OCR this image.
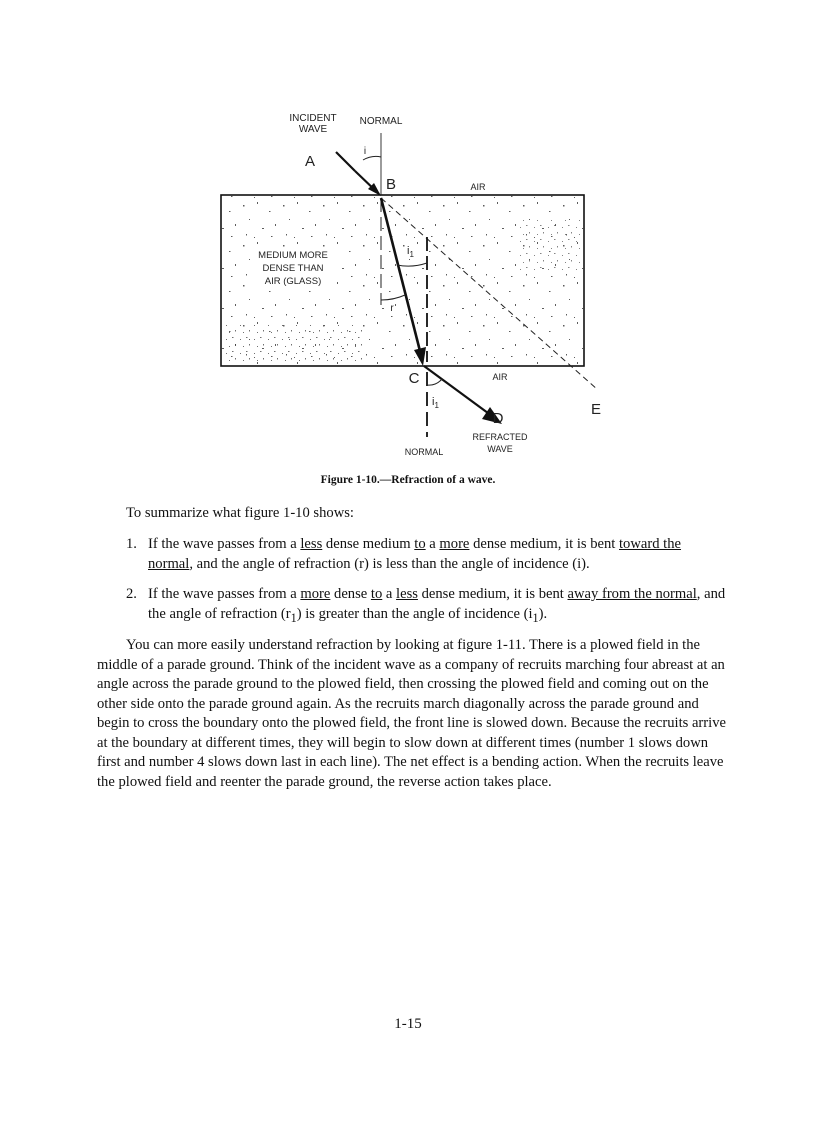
INCIDENT
WAVE
NORMAL
A
i
B	AIR
MEDIUM MORE
DENSE THAN
AIR (GLASS)
$i_1$
r
C	AIR
$i_1$
D
E
REFRACTED
WAVE
NORMAL
Figure 1-10.—Refraction of a wave.
To summarize what figure 1-10 shows:
1. If the wave passes from a less dense medium to a more dense medium, it is bent toward the normal, and the angle of refraction (r) is less than the angle of incidence (i).
2. If the wave passes from a more dense to a less dense medium, it is bent away from the normal, and the angle of refraction $(r_1)$ is greater than the angle of incidence $(i_1)$.
You can more easily understand refraction by looking at figure 1-11. There is a plowed field in the middle of a parade ground. Think of the incident wave as a company of recruits marching four abreast at an angle across the parade ground to the plowed field, then crossing the plowed field and coming out on the other side onto the parade ground again. As the recruits march diagonally across the parade ground and begin to cross the boundary onto the plowed field, the front line is slowed down. Because the recruits arrive at the boundary at different times, they will begin to slow down at different times (number 1 slows down first and number 4 slows down last in each line). The net effect is a bending action. When the recruits leave the plowed field and reenter the parade ground, the reverse action takes place.
1-15
